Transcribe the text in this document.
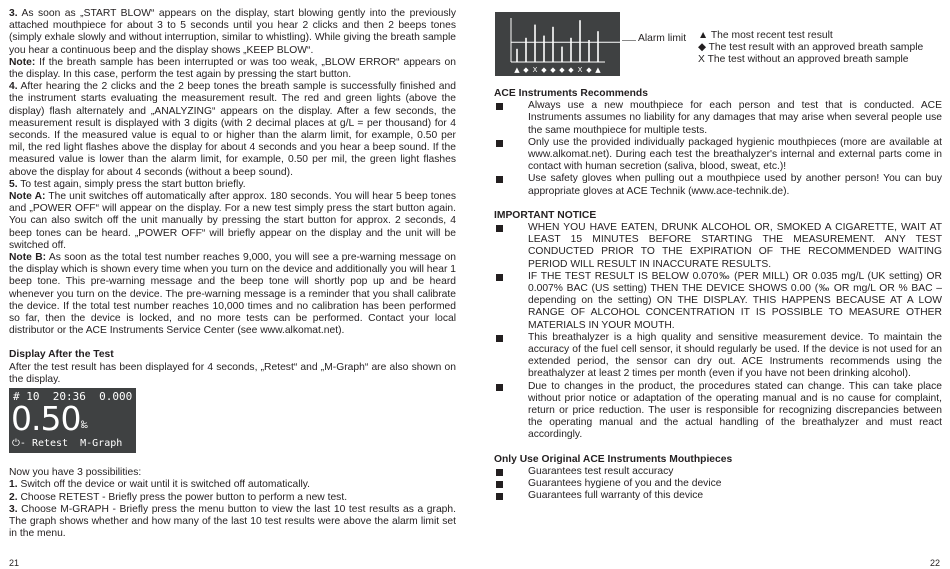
3. As soon as „START BLOW“ appears on the display, start blowing gently into the previously attached mouthpiece for about 3 to 5 seconds until you hear 2 clicks and then 2 beeps tones (simply exhale slowly and without interruption, similar to whistling). While giving the breath sample you hear a continuous beep and the display shows „KEEP BLOW“.

Note: If the breath sample has been interrupted or was too weak, „BLOW ERROR“ appears on the display. In this case, perform the test again by pressing the start button.

4. After hearing the 2 clicks and the 2 beep tones the breath sample is successfully finished and the instrument starts evaluating the measurement result. The red and green lights (above the display) flash alternately and „ANALYZING“ appears on the display. After a few seconds, the measurement result is displayed with 3 digits (with 2 decimal places at g/L = per thousand) for 4 seconds. If the measured value is equal to or higher than the alarm limit, for example, 0.50 per mil, the red light flashes above the display for about 4 seconds and you hear a beep sound. If the measured value is lower than the alarm limit, for example, 0.50 per mil, the green light flashes above the display for about 4 seconds (without a beep sound).

5. To test again, simply press the start button briefly.

Note A: The unit switches off automatically after approx. 180 seconds. You will hear 5 beep tones and „POWER OFF“ will appear on the display. For a new test simply press the start button again. You can also switch off the unit manually by pressing the start button for approx. 2 seconds, 4 beep tones can be heard. „POWER OFF“ will briefly appear on the display and the unit will be switched off.

Note B: As soon as the total test number reaches 9,000, you will see a pre-warning message on the display which is shown every time when you turn on the device and additionally you will hear 1 beep tone. This pre-warning message and the beep tone will shortly pop up and be heard whenever you turn on the device. The pre-warning message is a reminder that you shall calibrate the device. If the total test number reaches 10,000 times and no calibration has been performed so far, then the device is locked, and no more tests can be performed. Contact your local distributor or the ACE Instruments Service Center (see www.alkomat.net).

Display After the Test

After the test result has been displayed for 4 seconds, „Retest“ and „M-Graph“ are also shown on the display.

# 10  20:36  0.000
0.50 ‰
⏻- Retest  M-Graph

Now you have 3 possibilities:

1. Switch off the device or wait until it is switched off automatically.

2. Choose RETEST - Briefly press the power button to perform a new test.

3. Choose M-GRAPH - Briefly press the menu button to view the last 10 test results as a graph. The graph shows whether and how many of the last 10 test results were above the alarm limit set in the menu.

21
▲ ◆ X ◆ ◆ ◆ ◆ X ◆ ▲
Alarm limit ▲ The most recent test result
◆ The test result with an approved breath sample
X The test without an approved breath sample

ACE Instruments Recommends

Always use a new mouthpiece for each person and test that is conducted. ACE Instruments assumes no liability for any damages that may arise when several people use the same mouthpiece for multiple tests.
Only use the provided individually packaged hygienic mouthpieces (more are available at www.alkomat.net). During each test the breathalyzer's internal and external parts come in contact with human secretion (saliva, blood, sweat, etc.)!
Use safety gloves when pulling out a mouthpiece used by another person! You can buy appropriate gloves at ACE Technik (www.ace-technik.de).

IMPORTANT NOTICE

WHEN YOU HAVE EATEN, DRUNK ALCOHOL OR, SMOKED A CIGARETTE, WAIT AT LEAST 15 MINUTES BEFORE STARTING THE MEASUREMENT. ANY TEST CONDUCTED PRIOR TO THE EXPIRATION OF THE RECOMMENDED WAITING PERIOD WILL RESULT IN INACCURATE RESULTS.
IF THE TEST RESULT IS BELOW 0.070‰ (PER MILL) OR 0.035 mg/L (UK setting) OR 0.007% BAC (US setting) THEN THE DEVICE SHOWS 0.00 (‰ OR mg/L OR % BAC – depending on the setting) ON THE DISPLAY. THIS HAPPENS BECAUSE AT A LOW RANGE OF ALCOHOL CONCENTRATION IT IS POSSIBLE TO MEASURE OTHER MATERIALS IN YOUR MOUTH.
This breathalyzer is a high quality and sensitive measurement device. To maintain the accuracy of the fuel cell sensor, it should regularly be used. If the device is not used for an extended period, the sensor can dry out. ACE Instruments recommends using the breathalyzer at least 2 times per month (even if you have not been drinking alcohol).
Due to changes in the product, the procedures stated can change. This can take place without prior notice or adaptation of the operating manual and is no cause for complaint, return or price reduction. The user is responsible for recognizing discrepancies between the operating manual and the actual handling of the breathalyzer and must react accordingly.

Only Use Original ACE Instruments Mouthpieces

Guarantees test result accuracy
Guarantees hygiene of you and the device
Guarantees full warranty of this device
22
